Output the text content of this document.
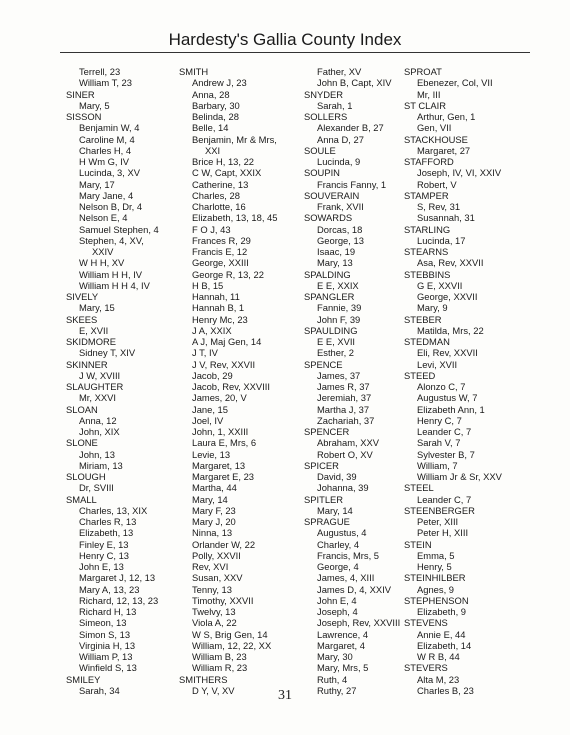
Hardesty's Gallia County Index
Terrell, 23
William T, 23
SINER
Mary, 5
SISSON
Benjamin W, 4
Caroline M, 4
Charles H, 4
H Wm G, IV
Lucinda, 3, XV
Mary, 17
Mary Jane, 4
Nelson B, Dr, 4
Nelson E, 4
Samuel Stephen, 4
Stephen, 4, XV,
XXIV
W H H, XV
William H H, IV
William H H 4, IV
SIVELY
Mary, 15
SKEES
E, XVII
SKIDMORE
Sidney T, XIV
SKINNER
J W, XVIII
SLAUGHTER
Mr, XXVI
SLOAN
Anna, 12
John, XIX
SLONE
John, 13
Miriam, 13
SLOUGH
Dr, SVIII
SMALL
Charles, 13, XIX
Charles R, 13
Elizabeth, 13
Finley E, 13
Henry C, 13
John E, 13
Margaret J, 12, 13
Mary A, 13, 23
Richard, 12, 13, 23
Richard H, 13
Simeon, 13
Simon S, 13
Virginia H, 13
William P, 13
Winfield S, 13
SMILEY
Sarah, 34
SMITH
Andrew J, 23
Anna, 28
Barbary, 30
Belinda, 28
Belle, 14
Benjamin, Mr & Mrs,
XXI
Brice H, 13, 22
C W, Capt, XXIX
Catherine, 13
Charles, 28
Charlotte, 16
Elizabeth, 13, 18, 45
F O J, 43
Frances R, 29
Francis E, 12
George, XXIII
George R, 13, 22
H B, 15
Hannah, 11
Hannah B, 1
Henry Mc, 23
J A, XXIX
A J, Maj Gen, 14
J T, IV
J V, Rev, XXVII
Jacob, 29
Jacob, Rev, XXVIII
James, 20, V
Jane, 15
Joel, IV
John, 1, XXIII
Laura E, Mrs, 6
Levie, 13
Margaret, 13
Margaret E, 23
Martha, 44
Mary, 14
Mary F, 23
Mary J, 20
Ninna, 13
Orlander W, 22
Polly, XXVII
Rev, XVI
Susan, XXV
Tenny, 13
Timothy, XXVII
Twelvy, 13
Viola A, 22
W S, Brig Gen, 14
William, 12, 22, XX
William B, 23
William R, 23
SMITHERS
D Y, V, XV
Father, XV
John B, Capt, XIV
SNYDER
Sarah, 1
SOLLERS
Alexander B, 27
Anna D, 27
SOULE
Lucinda, 9
SOUPIN
Francis Fanny, 1
SOUVERAIN
Frank, XVII
SOWARDS
Dorcas, 18
George, 13
Isaac, 19
Mary, 13
SPALDING
E E, XXIX
SPANGLER
Fannie, 39
John F, 39
SPAULDING
E E, XVII
Esther, 2
SPENCE
James, 37
James R, 37
Jeremiah, 37
Martha J, 37
Zachariah, 37
SPENCER
Abraham, XXV
Robert O, XV
SPICER
David, 39
Johanna, 39
SPITLER
Mary, 14
SPRAGUE
Augustus, 4
Charley, 4
Francis, Mrs, 5
George, 4
James, 4, XIII
James D, 4, XXIV
John E, 4
Joseph, 4
Joseph, Rev, XXVIII
Lawrence, 4
Margaret, 4
Mary, 30
Mary, Mrs, 5
Ruth, 4
Ruthy, 27
SPROAT
Ebenezer, Col, VII
Mr, III
ST CLAIR
Arthur, Gen, 1
Gen, VII
STACKHOUSE
Margaret, 27
STAFFORD
Joseph, IV, VI, XXIV
Robert, V
STAMPER
S, Rev, 31
Susannah, 31
STARLING
Lucinda, 17
STEARNS
Asa, Rev, XXVII
STEBBINS
G E, XXVII
George, XXVII
Mary, 9
STEBER
Matilda, Mrs, 22
STEDMAN
Eli, Rev, XXVII
Levi, XVII
STEED
Alonzo C, 7
Augustus W, 7
Elizabeth Ann, 1
Henry C, 7
Leander C, 7
Sarah V, 7
Sylvester B, 7
William, 7
William Jr & Sr, XXV
STEEL
Leander C, 7
STEENBERGER
Peter, XIII
Peter H, XIII
STEIN
Emma, 5
Henry, 5
STEINHILBER
Agnes, 9
STEPHENSON
Elizabeth, 9
STEVENS
Annie E, 44
Elizabeth, 14
W R B, 44
STEVERS
Alta M, 23
Charles B, 23
31
